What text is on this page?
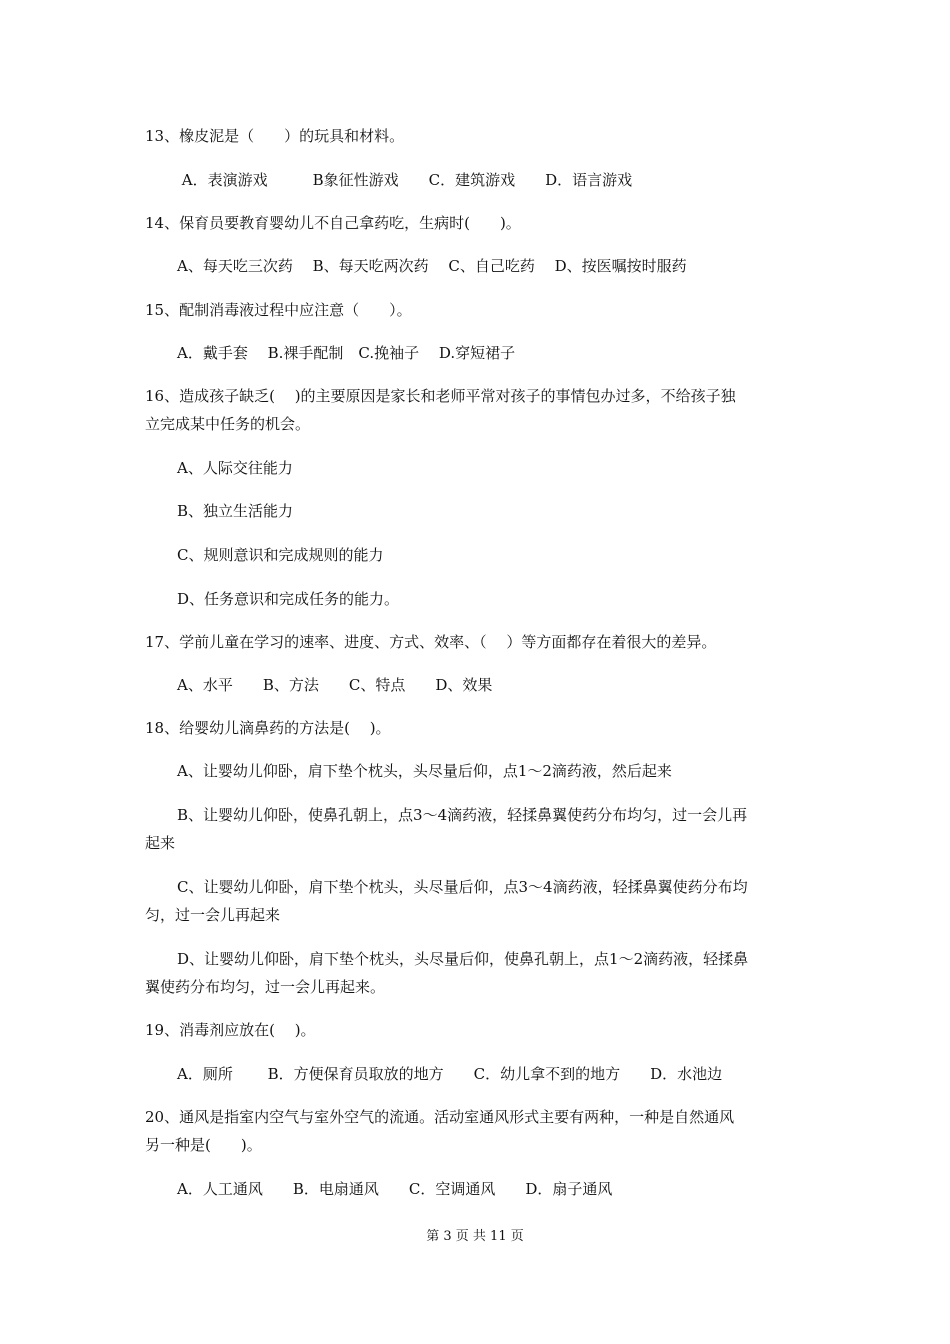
13、橡皮泥是（　　）的玩具和材料。
A．表演游戏　　　B象征性游戏　　C．建筑游戏　　D．语言游戏
14、保育员要教育婴幼儿不自己拿药吃，生病时(　　)。
A、每天吃三次药　 B、每天吃两次药　 C、自己吃药　 D、按医嘱按时服药
15、配制消毒液过程中应注意（　　）。
A．戴手套　 B.裸手配制　C.挽袖子　 D.穿短裙子
16、造成孩子缺乏(　 )的主要原因是家长和老师平常对孩子的事情包办过多，不给孩子独
立完成某中任务的机会。
A、人际交往能力
B、独立生活能力
C、规则意识和完成规则的能力
D、任务意识和完成任务的能力。
17、学前儿童在学习的速率、进度、方式、效率、（　 ）等方面都存在着很大的差异。
A、水平　　B、方法　　C、特点　　D、效果
18、给婴幼儿滴鼻药的方法是(　 )。
A、让婴幼儿仰卧，肩下垫个枕头，头尽量后仰，点1～2滴药液，然后起来
B、让婴幼儿仰卧，使鼻孔朝上，点3～4滴药液，轻揉鼻翼使药分布均匀，过一会儿再
起来
C、让婴幼儿仰卧，肩下垫个枕头，头尽量后仰，点3～4滴药液，轻揉鼻翼使药分布均
匀，过一会儿再起来
D、让婴幼儿仰卧，肩下垫个枕头，头尽量后仰，使鼻孔朝上，点1～2滴药液，轻揉鼻
翼使药分布均匀，过一会儿再起来。
19、消毒剂应放在(　 )。
A．厕所　　 B．方便保育员取放的地方　　C．幼儿拿不到的地方　　D．水池边
20、通风是指室内空气与室外空气的流通。活动室通风形式主要有两种，一种是自然通风
另一种是(　　)。
A．人工通风　　B．电扇通风　　C．空调通风　　D．扇子通风
第 3 页 共 11 页
